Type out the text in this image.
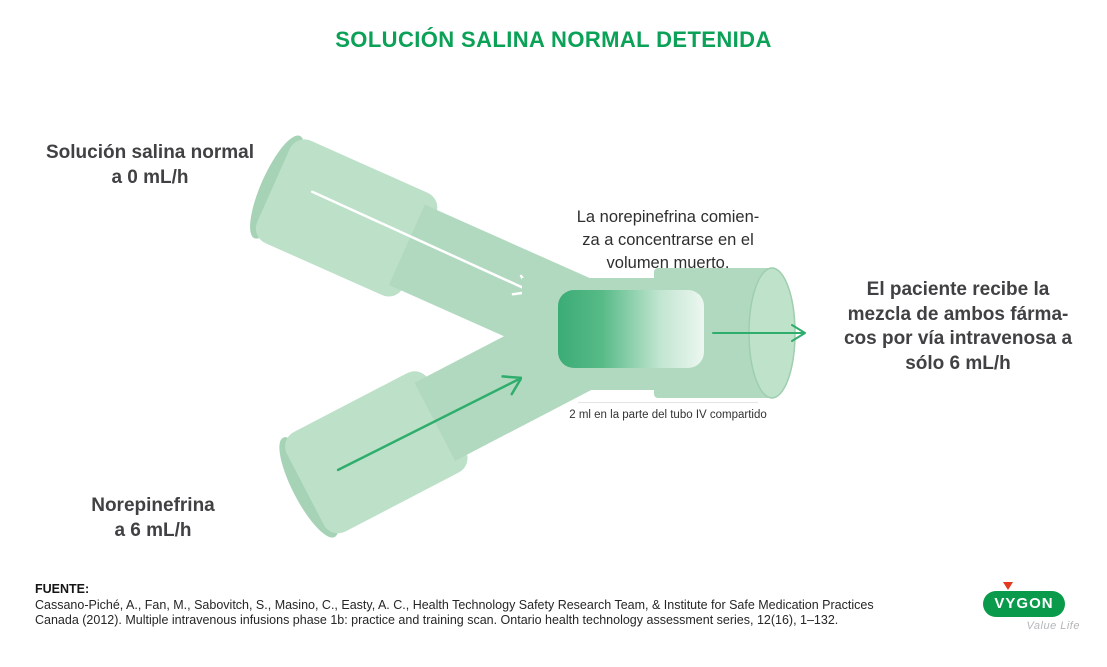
SOLUCIÓN SALINA NORMAL DETENIDA
Solución salina normal
a 0 mL/h
Norepinefrina
a 6 mL/h
La norepinefrina comien-
za a concentrarse en el
volumen muerto.
El paciente recibe la
mezcla de ambos fárma-
cos por vía intravenosa a
sólo 6 mL/h
2 ml en la parte del tubo IV compartido
FUENTE:
Cassano-Piché, A., Fan, M., Sabovitch, S., Masino, C., Easty, A. C., Health Technology Safety Research Team, & Institute for Safe Medication Practices
Canada (2012). Multiple intravenous infusions phase 1b: practice and training scan. Ontario health technology assessment series, 12(16), 1–132.
VYGON
Value Life
